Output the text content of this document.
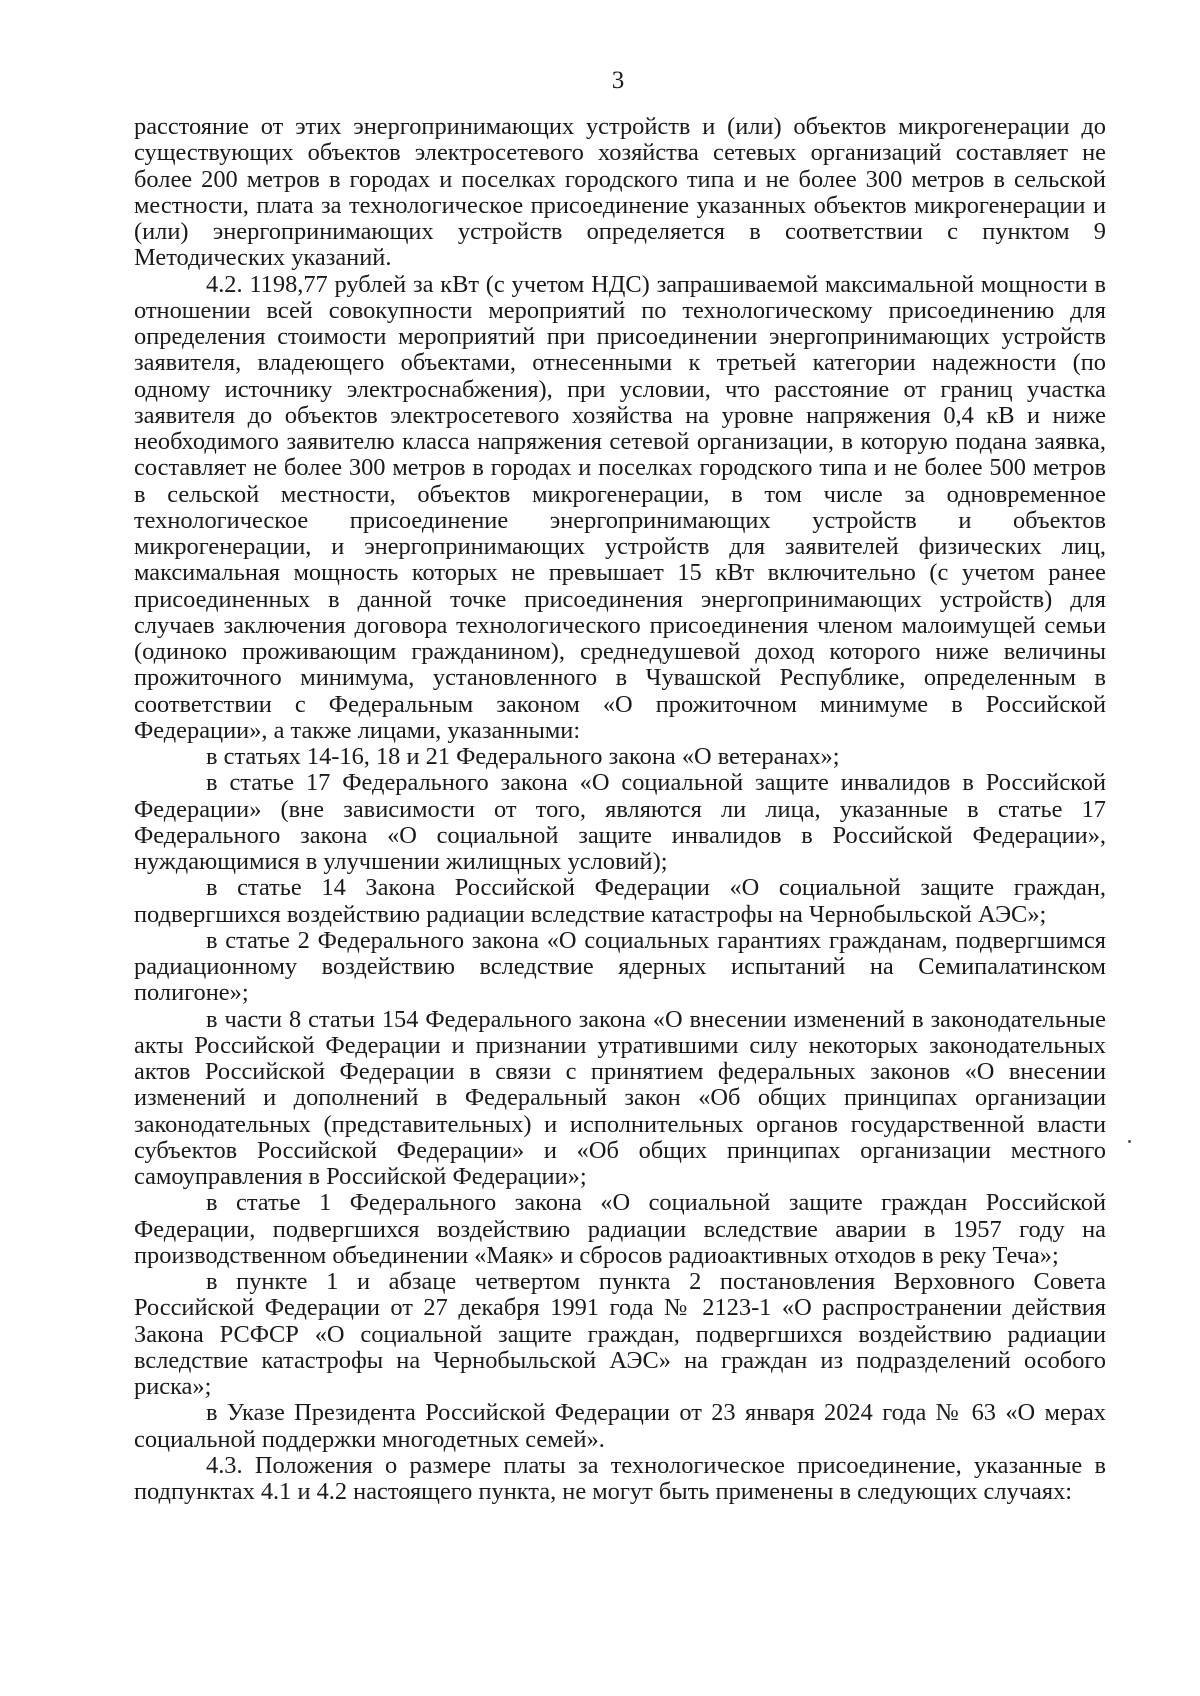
3

расстояние от этих энергопринимающих устройств и (или) объектов микрогенерации до существующих объектов электросетевого хозяйства сетевых организаций составляет не более 200 метров в городах и поселках городского типа и не более 300 метров в сельской местности, плата за технологическое присоединение указанных объектов микрогенерации и (или) энергопринимающих устройств определяется в соответствии с пунктом 9 Методических указаний.

4.2. 1198,77 рублей за кВт (с учетом НДС) запрашиваемой максимальной мощности в отношении всей совокупности мероприятий по технологическому присоединению для определения стоимости мероприятий при присоединении энергопринимающих устройств заявителя, владеющего объектами, отнесенными к третьей категории надежности (по одному источнику электроснабжения), при условии, что расстояние от границ участка заявителя до объектов электросетевого хозяйства на уровне напряжения 0,4 кВ и ниже необходимого заявителю класса напряжения сетевой организации, в которую подана заявка, составляет не более 300 метров в городах и поселках городского типа и не более 500 метров в сельской местности, объектов микрогенерации, в том числе за одновременное технологическое присоединение энергопринимающих устройств и объектов микрогенерации, и энергопринимающих устройств для заявителей физических лиц, максимальная мощность которых не превышает 15 кВт включительно (с учетом ранее присоединенных в данной точке присоединения энергопринимающих устройств) для случаев заключения договора технологического присоединения членом малоимущей семьи (одиноко проживающим гражданином), среднедушевой доход которого ниже величины прожиточного минимума, установленного в Чувашской Республике, определенным в соответствии с Федеральным законом «О прожиточном минимуме в Российской Федерации», а также лицами, указанными:

в статьях 14-16, 18 и 21 Федерального закона «О ветеранах»;

в статье 17 Федерального закона «О социальной защите инвалидов в Российской Федерации» (вне зависимости от того, являются ли лица, указанные в статье 17 Федерального закона «О социальной защите инвалидов в Российской Федерации», нуждающимися в улучшении жилищных условий);

в статье 14 Закона Российской Федерации «О социальной защите граждан, подвергшихся воздействию радиации вследствие катастрофы на Чернобыльской АЭС»;

в статье 2 Федерального закона «О социальных гарантиях гражданам, подвергшимся радиационному воздействию вследствие ядерных испытаний на Семипалатинском полигоне»;

в части 8 статьи 154 Федерального закона «О внесении изменений в законодательные акты Российской Федерации и признании утратившими силу некоторых законодательных актов Российской Федерации в связи с принятием федеральных законов «О внесении изменений и дополнений в Федеральный закон «Об общих принципах организации законодательных (представительных) и исполнительных органов государственной власти субъектов Российской Федерации» и «Об общих принципах организации местного самоуправления в Российской Федерации»;

в статье 1 Федерального закона «О социальной защите граждан Российской Федерации, подвергшихся воздействию радиации вследствие аварии в 1957 году на производственном объединении «Маяк» и сбросов радиоактивных отходов в реку Теча»;

в пункте 1 и абзаце четвертом пункта 2 постановления Верховного Совета Российской Федерации от 27 декабря 1991 года № 2123-1 «О распространении действия Закона РСФСР «О социальной защите граждан, подвергшихся воздействию радиации вследствие катастрофы на Чернобыльской АЭС» на граждан из подразделений особого риска»;

в Указе Президента Российской Федерации от 23 января 2024 года № 63 «О мерах социальной поддержки многодетных семей».

4.3. Положения о размере платы за технологическое присоединение, указанные в подпунктах 4.1 и 4.2 настоящего пункта, не могут быть применены в следующих случаях:
